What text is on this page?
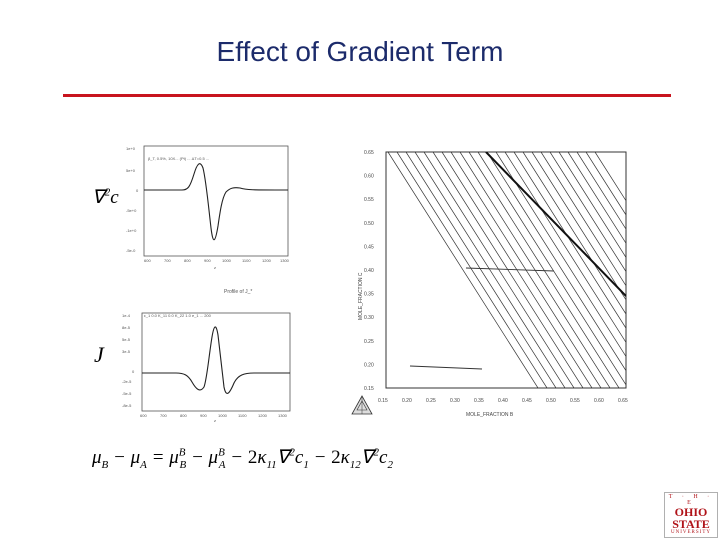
Effect of Gradient Term
∇$^2$c
J
β_T, 0.5%, 10X... (Pt) ... ΔT=0.5 ...
1e+0
5e+0
0
-5e+0
-1e+0
-5e-0
600	700	800	900	1000	1100	1200 1300
z
Profile of J_*
ε_1 0.0 K_11 0.0 K_22 1.0 e_1 ... 200
1e-4
8e-5
5e-5
3e-5
0
-2e-5
-5e-5
-8e-5
600	700	800	900	1000	1100	1200	1300
z
0.65
0.60
0.55
0.50
0.45
0.40
0.35
0.30
0.25
0.20
0.15
0.15	0.20	0.25	0.30	0.35	0.40	0.45	0.50	0.55	0.60	0.65
MOLE_FRACTION B
MOLE_FRACTION C
$\mu_B - \mu_A = \mu^B_B - \mu^B_A - 2\kappa_{11}\nabla^2c_1 - 2\kappa_{12}\nabla^2c_2$
T · H · E
OHIO
STATE
UNIVERSITY
